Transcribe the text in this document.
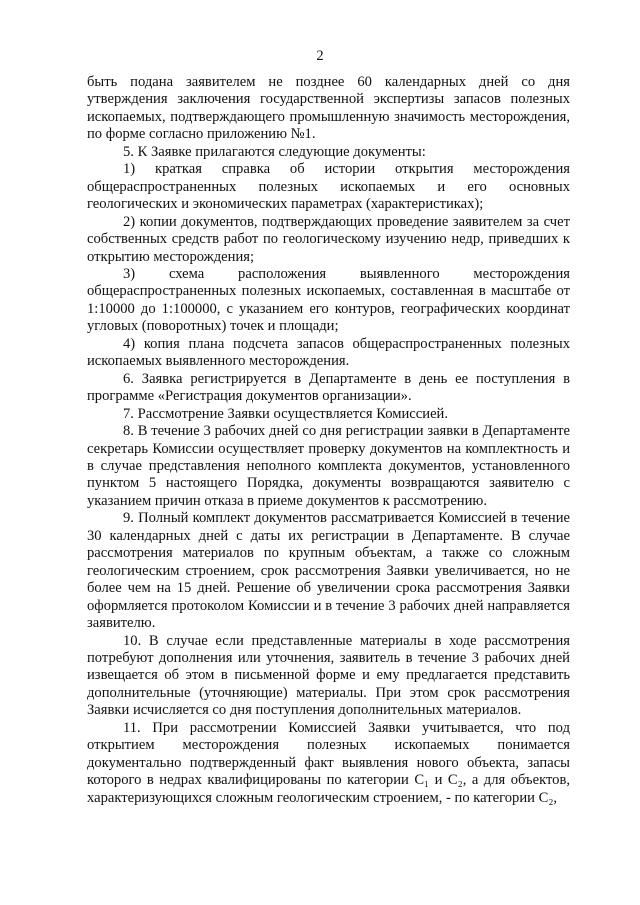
2

быть подана заявителем не позднее 60 календарных дней со дня утверждения заключения государственной экспертизы запасов полезных ископаемых, подтверждающего промышленную значимость месторождения, по форме согласно приложению №1.

5. К Заявке прилагаются следующие документы:

1) краткая справка об истории открытия месторождения общераспространенных полезных ископаемых и его основных геологических и экономических параметрах (характеристиках);

2) копии документов, подтверждающих проведение заявителем за счет собственных средств работ по геологическому изучению недр, приведших к открытию месторождения;

3) схема расположения выявленного месторождения общераспространенных полезных ископаемых, составленная в масштабе от 1:10000 до 1:100000, с указанием его контуров, географических координат угловых (поворотных) точек и площади;

4) копия плана подсчета запасов общераспространенных полезных ископаемых выявленного месторождения.

6. Заявка регистрируется в Департаменте в день ее поступления в программе «Регистрация документов организации».

7. Рассмотрение Заявки осуществляется Комиссией.

8. В течение 3 рабочих дней со дня регистрации заявки в Департаменте секретарь Комиссии осуществляет проверку документов на комплектность и в случае представления неполного комплекта документов, установленного пунктом 5 настоящего Порядка, документы возвращаются заявителю с указанием причин отказа в приеме документов к рассмотрению.

9. Полный комплект документов рассматривается Комиссией в течение 30 календарных дней с даты их регистрации в Департаменте. В случае рассмотрения материалов по крупным объектам, а также со сложным геологическим строением, срок рассмотрения Заявки увеличивается, но не более чем на 15 дней. Решение об увеличении срока рассмотрения Заявки оформляется протоколом Комиссии и в течение 3 рабочих дней направляется заявителю.

10. В случае если представленные материалы в ходе рассмотрения потребуют дополнения или уточнения, заявитель в течение 3 рабочих дней извещается об этом в письменной форме и ему предлагается представить дополнительные (уточняющие) материалы. При этом срок рассмотрения Заявки исчисляется со дня поступления дополнительных материалов.

11. При рассмотрении Комиссией Заявки учитывается, что под открытием месторождения полезных ископаемых понимается документально подтвержденный факт выявления нового объекта, запасы которого в недрах квалифицированы по категории С₁ и С₂, а для объектов, характеризующихся сложным геологическим строением, - по категории С₂,
